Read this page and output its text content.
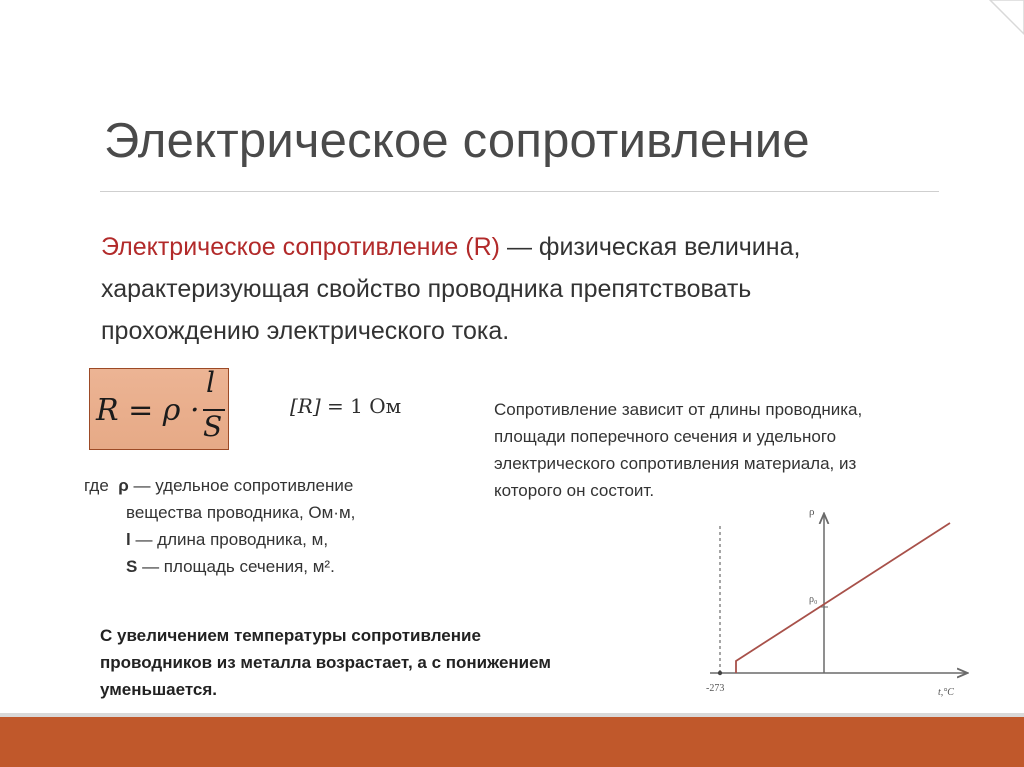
Электрическое сопротивление
Электрическое сопротивление (R) — физическая величина,
характеризующая свойство проводника препятствовать
прохождению электрического тока.
R = ρ ·
l
S
[R] = 1 Ом
где ρ — удельное сопротивление
вещества проводника, Ом·м,
l — длина проводника, м,
S — площадь сечения, м².
Сопротивление зависит от длины проводника,
площади поперечного сечения и удельного
электрического сопротивления материала, из
которого он состоит.
С увеличением температуры сопротивление
проводников из металла возрастает, а с понижением
уменьшается.
ρ
ρ₀
-273	t,°C
